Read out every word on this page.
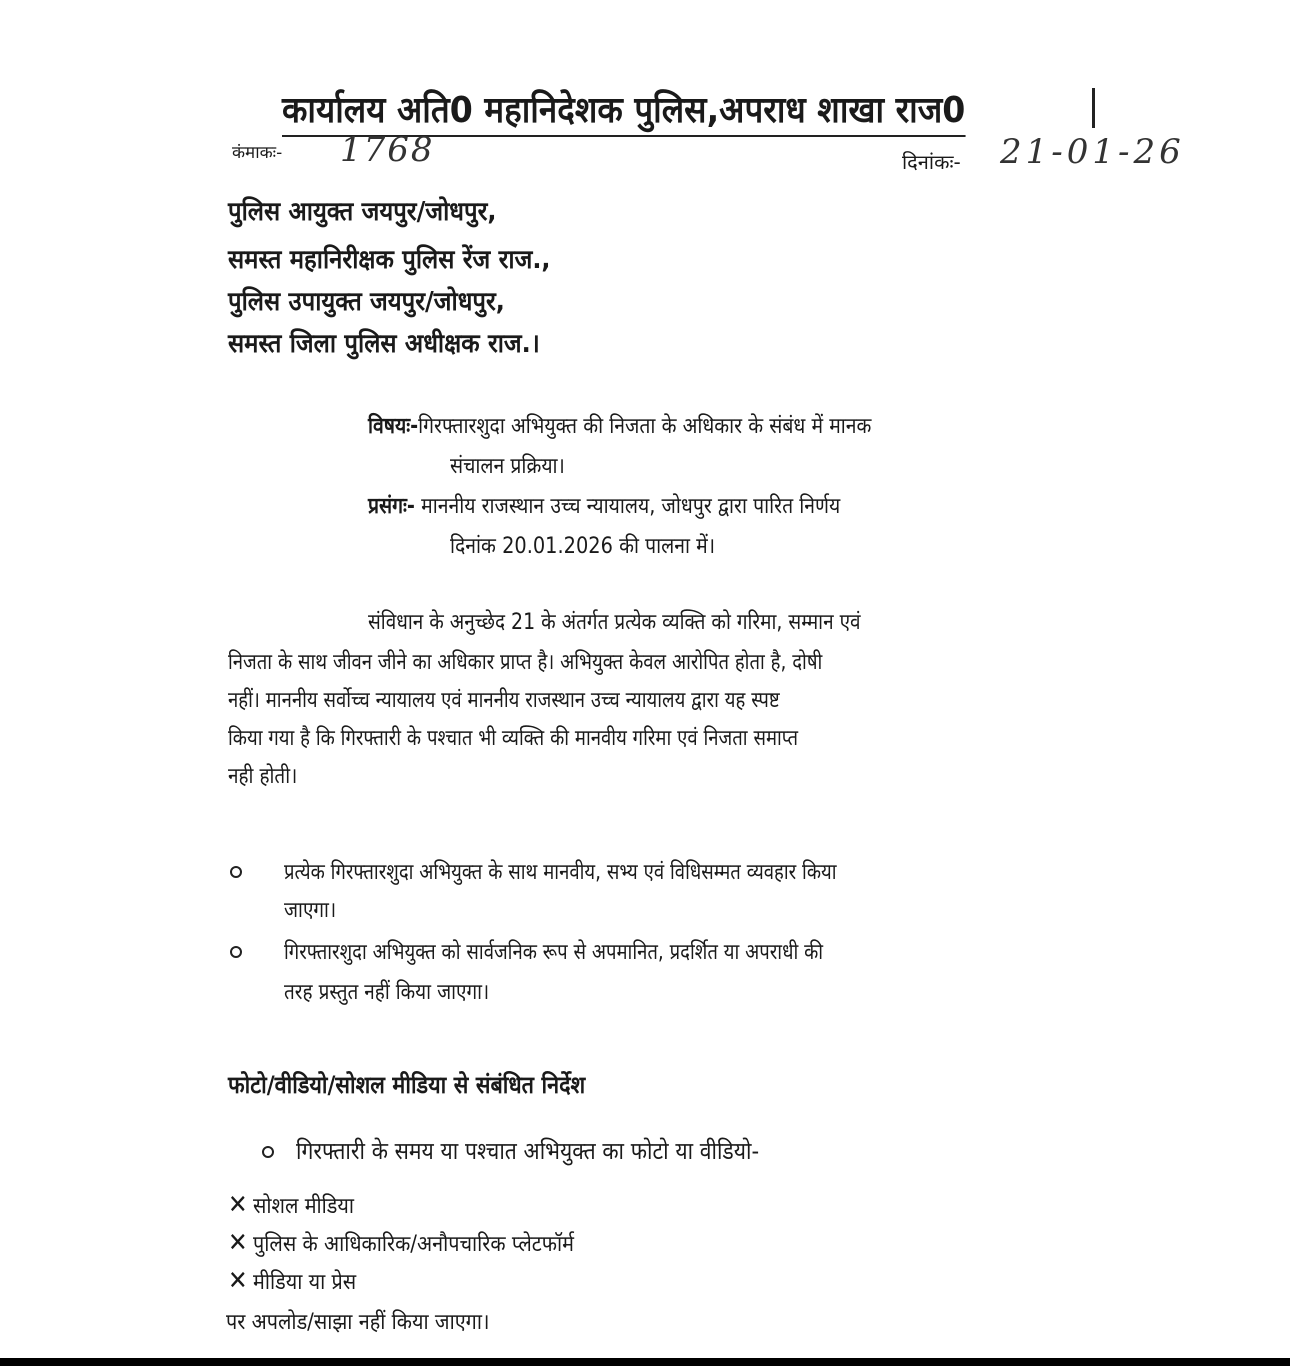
कार्यालय अति0 महानिदेशक पुलिस,अपराध शाखा राज0
कंमाकः- 1768	दिनांकः- 21-01-26
पुलिस आयुक्त जयपुर/जोधपुर,
समस्त महानिरीक्षक पुलिस रेंज राज.,
पुलिस उपायुक्त जयपुर/जोधपुर,
समस्त जिला पुलिस अधीक्षक राज.।
विषयः-गिरफ्तारशुदा अभियुक्त की निजता के अधिकार के संबंध में मानक
संचालन प्रक्रिया।
प्रसंगः- माननीय राजस्थान उच्च न्यायालय, जोधपुर द्वारा पारित निर्णय
दिनांक 20.01.2026 की पालना में।
संविधान के अनुच्छेद 21 के अंतर्गत प्रत्येक व्यक्ति को गरिमा, सम्मान एवं
निजता के साथ जीवन जीने का अधिकार प्राप्त है। अभियुक्त केवल आरोपित होता है, दोषी
नहीं। माननीय सर्वोच्च न्यायालय एवं माननीय राजस्थान उच्च न्यायालय द्वारा यह स्पष्ट
किया गया है कि गिरफ्तारी के पश्चात भी व्यक्ति की मानवीय गरिमा एवं निजता समाप्त
नही होती।
प्रत्येक गिरफ्तारशुदा अभियुक्त के साथ मानवीय, सभ्य एवं विधिसम्मत व्यवहार किया
जाएगा।
गिरफ्तारशुदा अभियुक्त को सार्वजनिक रूप से अपमानित, प्रदर्शित या अपराधी की
तरह प्रस्तुत नहीं किया जाएगा।
फोटो/वीडियो/सोशल मीडिया से संबंधित निर्देश
गिरफ्तारी के समय या पश्चात अभियुक्त का फोटो या वीडियो-
✕ सोशल मीडिया
✕ पुलिस के आधिकारिक/अनौपचारिक प्लेटफॉर्म
✕ मीडिया या प्रेस
पर अपलोड/साझा नहीं किया जाएगा।
